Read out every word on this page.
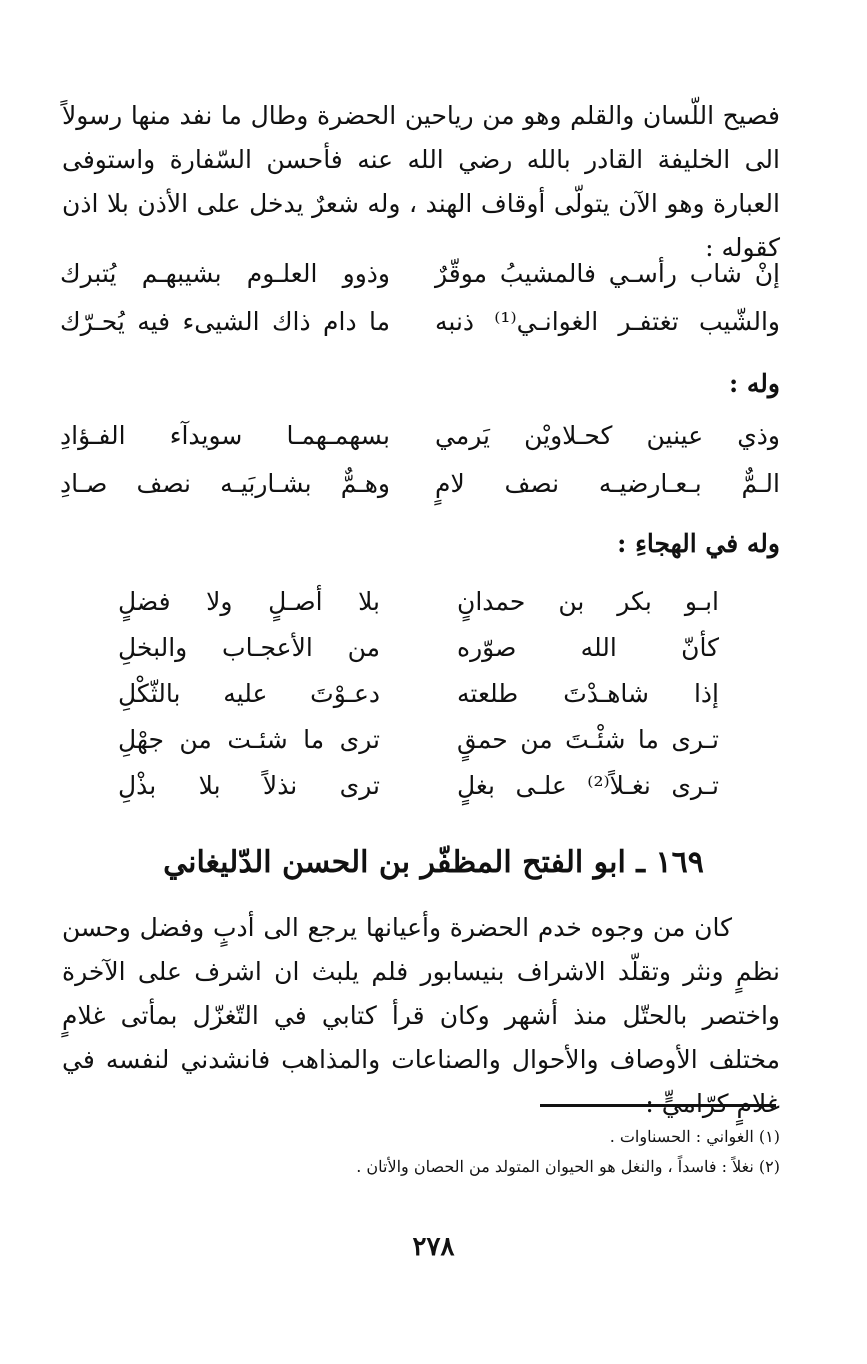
فصيح اللّسان والقلم وهو من رياحين الحضرة وطال ما نفد منها رسولاً الى الخليفة القادر بالله رضي الله عنه فأحسن السّفارة واستوفى العبارة وهو الآن يتولّى أوقاف الهند ، وله شعرٌ يدخل على الأذن بلا اذن كقوله :

إنْ شاب رأسـي فالمشيبُ موقّرٌ
وذوو العلـوم بشيبهـم يُتبرك
والشّيب تغتفـر الغوانـي⁽¹⁾ ذنبه
ما دام ذاك الشيىء فيه يُحـرّك
وله :
وذي عينين كحـلاويْن يَرمي
بسهمـهمـا سويدآء الفـؤادِ
الـمٌّ بـعـارضيـه نصف لامٍ
وهـمٌّ بشـاربَيـه نصف صـادِ
وله في الهجاءِ :
ابـو بكر بن حمدانٍ
بلا أصـلٍ ولا فضلٍ
كأنّ الله صوّره
من الأعجـاب والبخلِ
إذا شاهـدْتَ طلعته
دعـوْتَ عليه بالثّكْلِ
تـرى ما شئْـتَ من حمقٍ
ترى ما شئـت من جهْلِ
تـرى نغـلاً⁽²⁾ علـى بغلٍ
ترى نذلاً بلا بذْلِ
١٦٩ ـ ابو الفتح المظفّر بن الحسن الدّليغاني

كان من وجوه خدم الحضرة وأعيانها يرجع الى أدبٍ وفضل وحسن نظمٍ ونثر وتقلّد الاشراف بنيسابور فلم يلبث ان اشرف على الآخرة واختصر بالحتّل منذ أشهر وكان قرأ كتابي في التّغزّل بمأتى غلامٍ مختلف الأوصاف والأحوال والصناعات والمذاهب فانشدني لنفسه في غلامٍ كرّاميٍّ :

(١) الغواني : الحسناوات .
(٢) نغلاً : فاسداً ، والنغل هو الحيوان المتولد من الحصان والأتان .
٢٧٨
